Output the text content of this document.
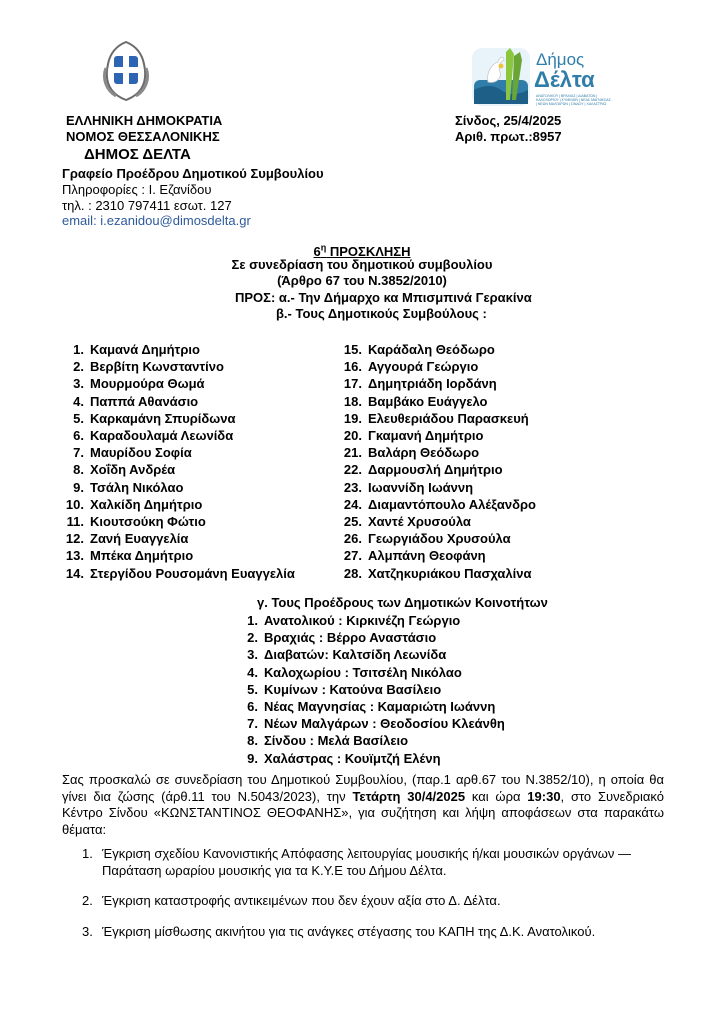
Δήμος
Δέλτα
ΑΝΑΤΟΛΙΚΟΥ | ΒΡΑΧΙΑΣ | ΔΙΑΒΑΤΩΝ | ΚΑΛΟΧΩΡΙΟΥ | ΚΥΜΙΝΩΝ | ΝΕΑΣ ΜΑΓΝΗΣΙΑΣ | ΝΕΩΝ ΜΑΛΓΑΡΩΝ | ΣΙΝΔΟΥ | ΧΑΛΑΣΤΡΑΣ
ΕΛΛΗΝΙΚΗ ΔΗΜΟΚΡΑΤΙΑ
ΝΟΜΟΣ ΘΕΣΣΑΛΟΝΙΚΗΣ
ΔΗΜΟΣ ΔΕΛΤΑ
Γραφείο Προέδρου Δημοτικού Συμβουλίου
Πληροφορίες : Ι. Εζανίδου
τηλ. : 2310 797411 εσωτ. 127
email: i.ezanidou@dimosdelta.gr
Σίνδος, 25/4/2025
Αριθ. πρωτ.:8957
$6^\eta$ ΠΡΟΣΚΛΗΣΗ
Σε συνεδρίαση του δημοτικού συμβουλίου
(Άρθρο 67 του Ν.3852/2010)
ΠΡΟΣ: α.- Την Δήμαρχο κα Μπισμπινά Γερακίνα
β.- Τους Δημοτικούς Συμβούλους :
1. Καμανά Δημήτριο
2. Βερβίτη Κωνσταντίνο
3. Μουρμούρα Θωμά
4. Παππά Αθανάσιο
5. Καρκαμάνη Σπυρίδωνα
6. Καραδουλαμά Λεωνίδα
7. Μαυρίδου Σοφία
8. Χοΐδη Ανδρέα
9. Τσάλη Νικόλαο
10. Χαλκίδη Δημήτριο
11. Κιουτσούκη Φώτιο
12. Ζανή Ευαγγελία
13. Μπέκα Δημήτριο
14. Στεργίδου Ρουσομάνη Ευαγγελία
15. Καράδαλη Θεόδωρο
16. Αγγουρά Γεώργιο
17. Δημητριάδη Ιορδάνη
18. Βαμβάκο Ευάγγελο
19. Ελευθεριάδου Παρασκευή
20. Γκαμανή Δημήτριο
21. Βαλάρη Θεόδωρο
22. Δαρμουσλή Δημήτριο
23. Ιωαννίδη Ιωάννη
24. Διαμαντόπουλο Αλέξανδρο
25. Χαντέ Χρυσούλα
26. Γεωργιάδου Χρυσούλα
27. Αλμπάνη Θεοφάνη
28. Χατζηκυριάκου Πασχαλίνα
γ. Τους Προέδρους των Δημοτικών Κοινοτήτων
1. Ανατολικού : Κιρκινέζη Γεώργιο
2. Βραχιάς : Βέρρο Αναστάσιο
3. Διαβατών: Καλτσίδη Λεωνίδα
4. Καλοχωρίου : Τσιτσέλη Νικόλαο
5. Κυμίνων : Κατούνα Βασίλειο
6. Νέας Μαγνησίας : Καμαριώτη Ιωάννη
7. Νέων Μαλγάρων : Θεοδοσίου Κλεάνθη
8. Σίνδου : Μελά Βασίλειο
9. Χαλάστρας : Κουϊμτζή Ελένη
Σας προσκαλώ σε συνεδρίαση του Δημοτικού Συμβουλίου, (παρ.1 αρθ.67 του Ν.3852/10), η οποία θα γίνει δια ζώσης (άρθ.11 του Ν.5043/2023), την Τετάρτη 30/4/2025 και ώρα 19:30, στο Συνεδριακό Κέντρο Σίνδου «ΚΩΝΣΤΑΝΤΙΝΟΣ ΘΕΟΦΑΝΗΣ», για συζήτηση και λήψη αποφάσεων στα παρακάτω θέματα:
1. Έγκριση σχεδίου Κανονιστικής Απόφασης λειτουργίας μουσικής ή/και μουσικών οργάνων — Παράταση ωραρίου μουσικής για τα Κ.Υ.Ε του Δήμου Δέλτα.
2. Έγκριση καταστροφής αντικειμένων που δεν έχουν αξία στο Δ. Δέλτα.
3. Έγκριση μίσθωσης ακινήτου για τις ανάγκες στέγασης του ΚΑΠΗ της Δ.Κ. Ανατολικού.
